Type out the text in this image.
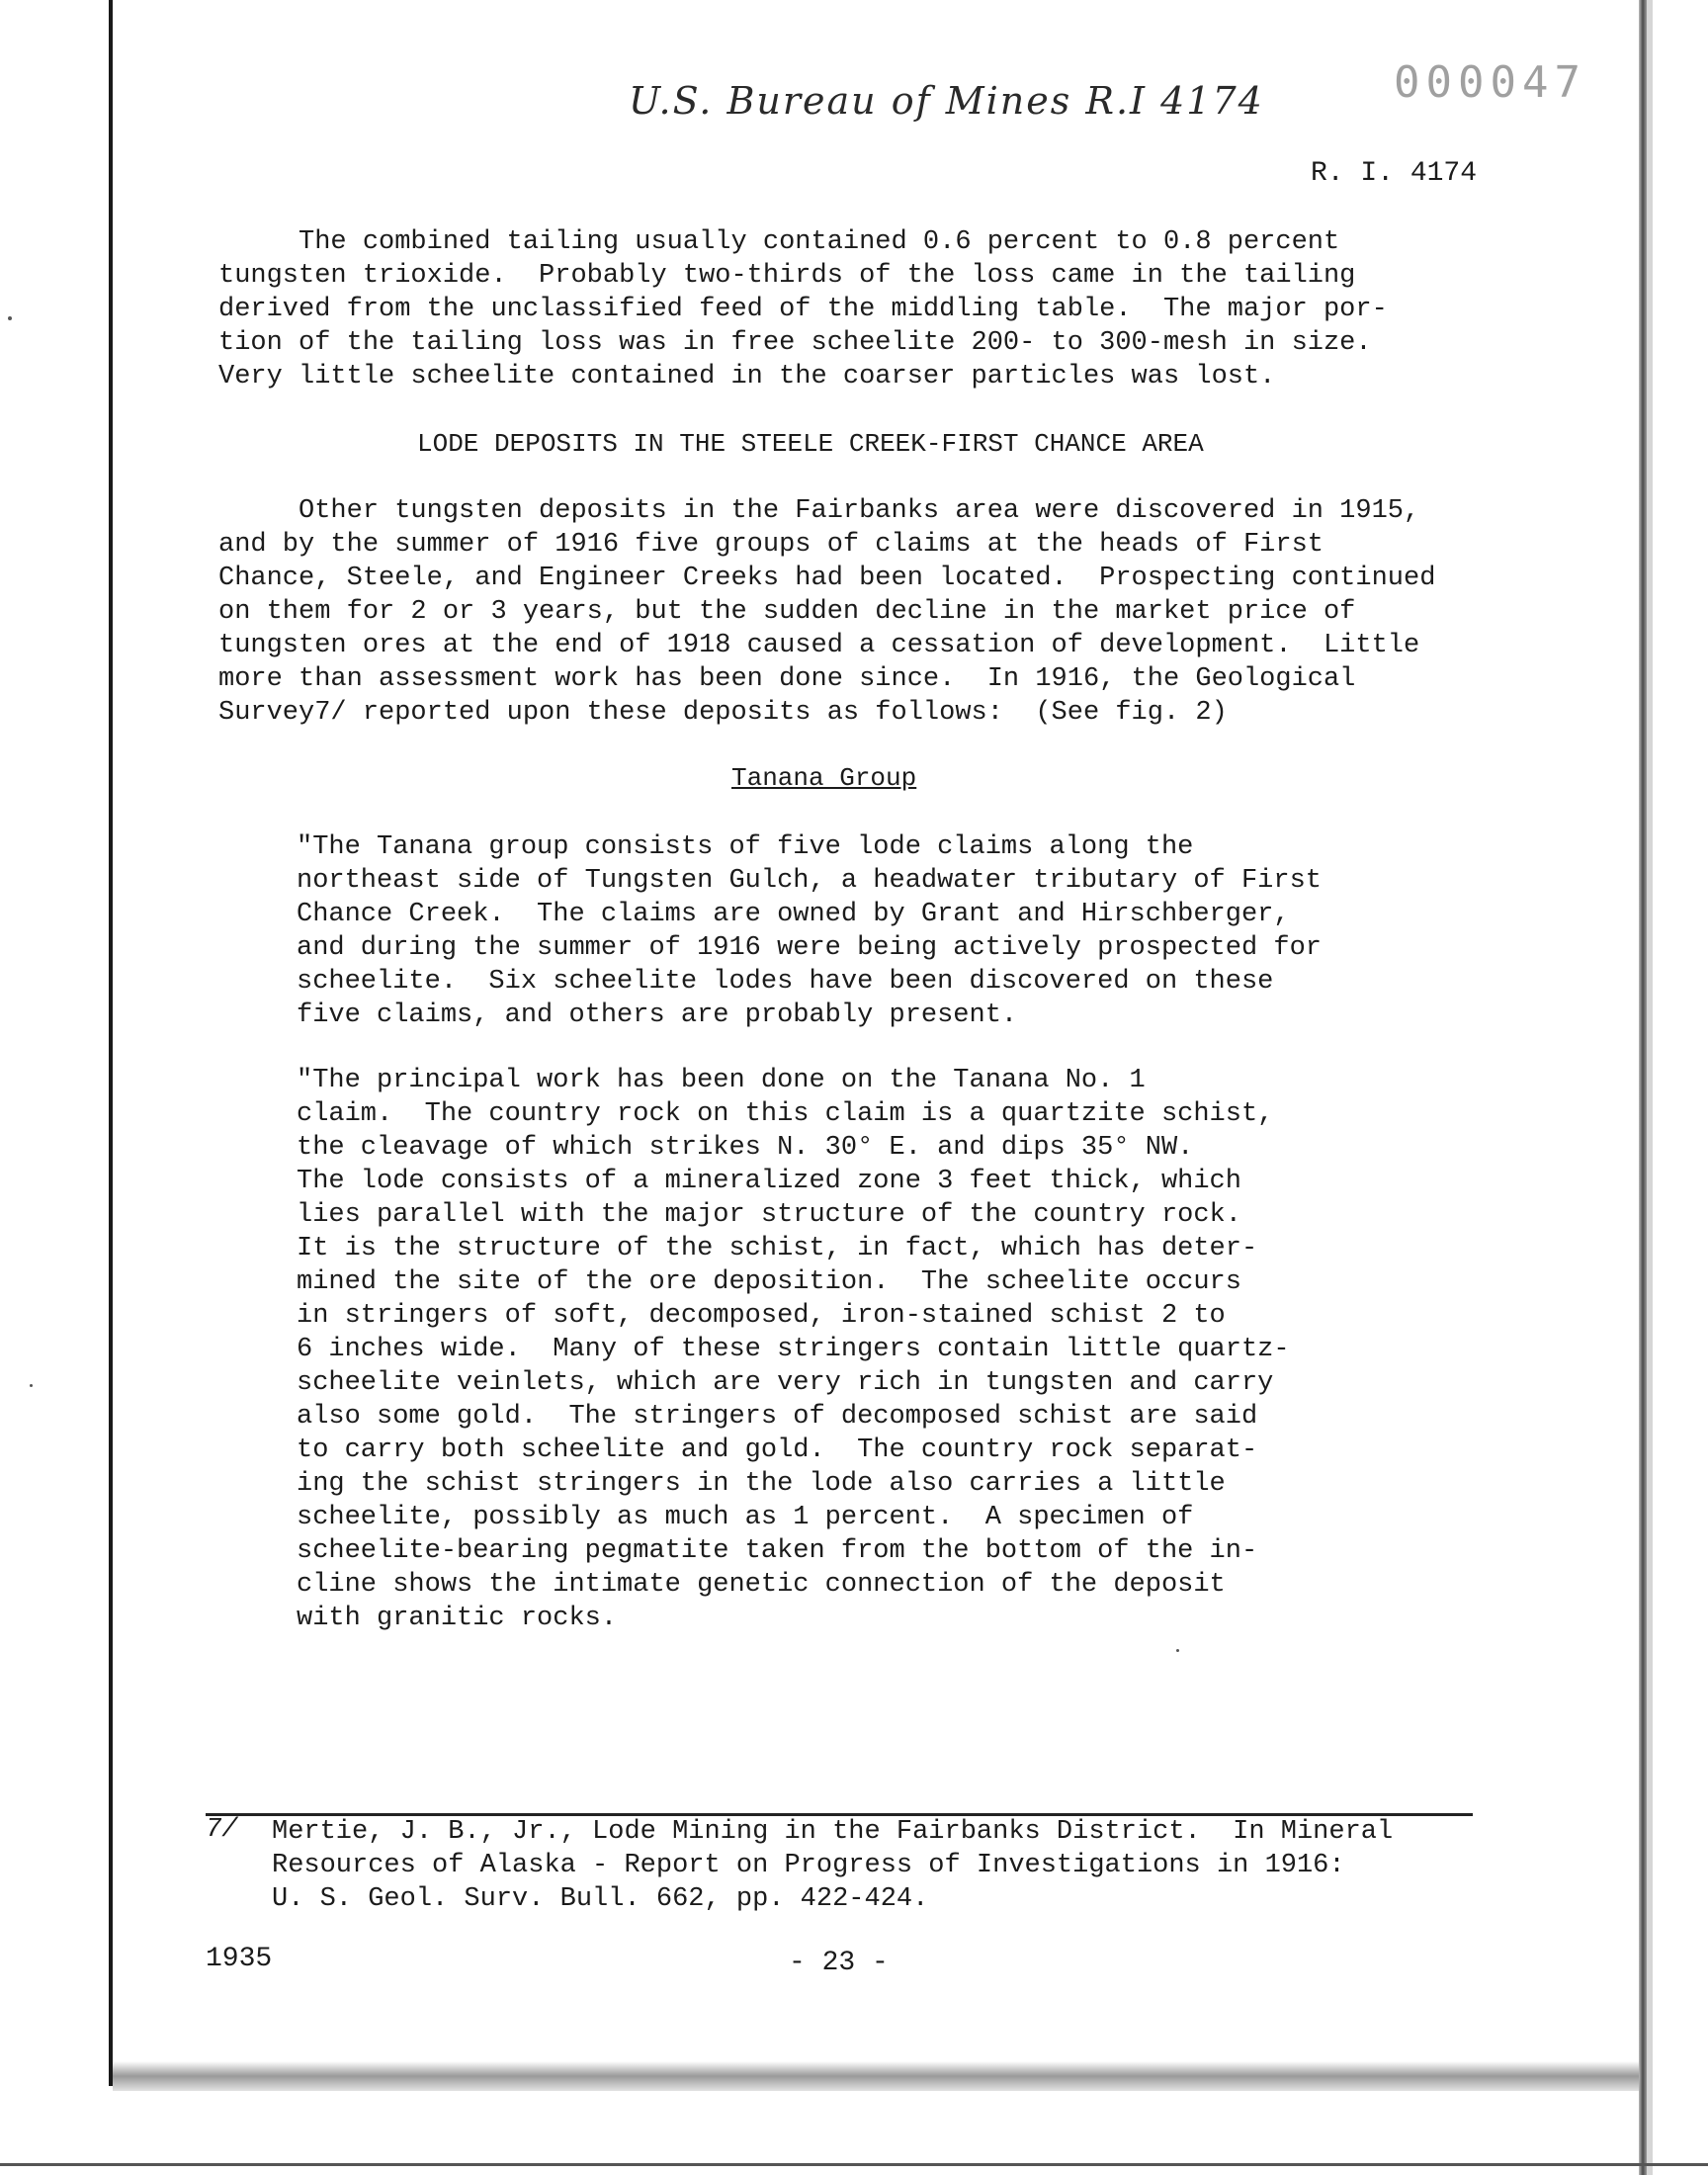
U.S. Bureau of Mines R.I 4174	000047
R. I. 4174

The combined tailing usually contained 0.6 percent to 0.8 percent
tungsten trioxide.  Probably two-thirds of the loss came in the tailing
derived from the unclassified feed of the middling table.  The major por-
tion of the tailing loss was in free scheelite 200- to 300-mesh in size.
Very little scheelite contained in the coarser particles was lost.

LODE DEPOSITS IN THE STEELE CREEK-FIRST CHANCE AREA

Other tungsten deposits in the Fairbanks area were discovered in 1915,
and by the summer of 1916 five groups of claims at the heads of First
Chance, Steele, and Engineer Creeks had been located.  Prospecting continued
on them for 2 or 3 years, but the sudden decline in the market price of
tungsten ores at the end of 1918 caused a cessation of development.  Little
more than assessment work has been done since.  In 1916, the Geological
Survey7/ reported upon these deposits as follows:  (See fig. 2)

Tanana Group

"The Tanana group consists of five lode claims along the
northeast side of Tungsten Gulch, a headwater tributary of First
Chance Creek.  The claims are owned by Grant and Hirschberger,
and during the summer of 1916 were being actively prospected for
scheelite.  Six scheelite lodes have been discovered on these
five claims, and others are probably present.

"The principal work has been done on the Tanana No. 1
claim.  The country rock on this claim is a quartzite schist,
the cleavage of which strikes N. 30° E. and dips 35° NW.
The lode consists of a mineralized zone 3 feet thick, which
lies parallel with the major structure of the country rock.
It is the structure of the schist, in fact, which has deter-
mined the site of the ore deposition.  The scheelite occurs
in stringers of soft, decomposed, iron-stained schist 2 to
6 inches wide.  Many of these stringers contain little quartz-
scheelite veinlets, which are very rich in tungsten and carry
also some gold.  The stringers of decomposed schist are said
to carry both scheelite and gold.  The country rock separat-
ing the schist stringers in the lode also carries a little
scheelite, possibly as much as 1 percent.  A specimen of
scheelite-bearing pegmatite taken from the bottom of the in-
cline shows the intimate genetic connection of the deposit
with granitic rocks.

7/ Mertie, J. B., Jr., Lode Mining in the Fairbanks District.  In Mineral
Resources of Alaska - Report on Progress of Investigations in 1916:
U. S. Geol. Surv. Bull. 662, pp. 422-424.

1935	- 23 -
